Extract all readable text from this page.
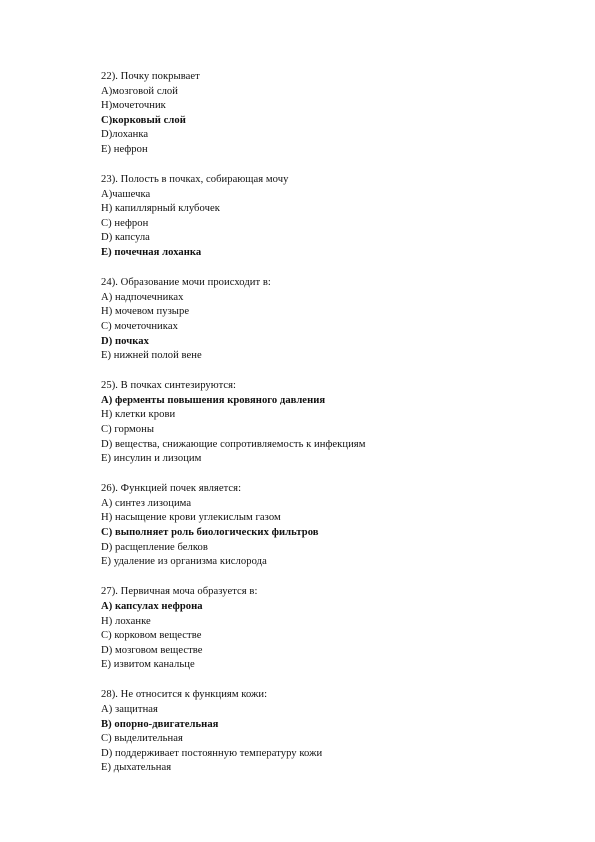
22). Почку покрывает
А)мозговой слой
Н)мочеточник
С)корковый слой
D)лоханка
Е) нефрон
23). Полость в почках, собирающая мочу
А)чашечка
Н) капиллярный клубочек
С) нефрон
D) капсула
Е) почечная лоханка
24). Образование мочи происходит в:
А) надпочечниках
Н) мочевом пузыре
С) мочеточниках
D) почках
Е) нижней полой вене
25). В почках синтезируются:
А) ферменты повышения кровяного давления
Н) клетки крови
С) гормоны
D) вещества, снижающие сопротивляемость к инфекциям
Е) инсулин и лизоцим
26). Функцией почек является:
А) синтез лизоцима
Н) насыщение крови углекислым газом
С) выполняет роль биологических фильтров
D) расщепление белков
Е) удаление из организма кислорода
27). Первичная моча образуется в:
А) капсулах нефрона
Н) лоханке
С) корковом веществе
D) мозговом веществе
Е) извитом канальце
28). Не относится к функциям кожи:
А) защитная
В) опорно-двигательная
С) выделительная
D) поддерживает постоянную температуру кожи
Е) дыхательная
